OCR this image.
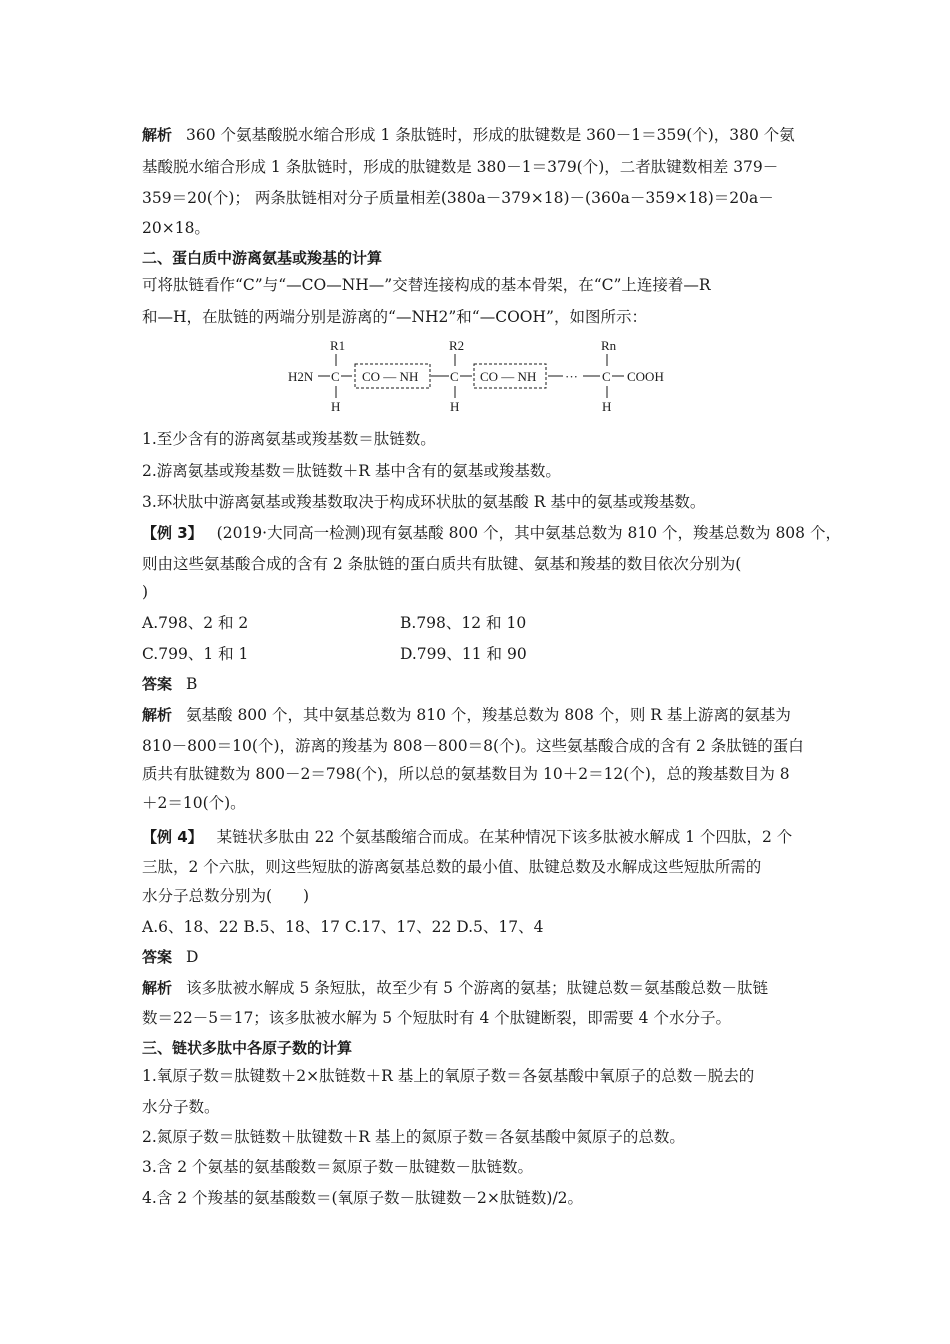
解析 360 个氨基酸脱水缩合形成 1 条肽链时，形成的肽键数是 360－1＝359(个)，380 个氨
基酸脱水缩合形成 1 条肽链时，形成的肽键数是 380－1＝379(个)，二者肽键数相差 379－
359＝20(个)； 两条肽链相对分子质量相差(380a－379×18)－(360a－359×18)＝20a－
20×18。
二、蛋白质中游离氨基或羧基的计算
可将肽链看作“C”与“—CO—NH—”交替连接构成的基本骨架，在“C”上连接着—R
和—H，在肽链的两端分别是游离的“—NH2”和“—COOH”，如图所示：
R1	R2	Rn
H2N C CO — NH C CO — NH ··· C COOH
H	H	H
1.至少含有的游离氨基或羧基数＝肽链数。
2.游离氨基或羧基数＝肽链数＋R 基中含有的氨基或羧基数。
3.环状肽中游离氨基或羧基数取决于构成环状肽的氨基酸 R 基中的氨基或羧基数。
【例 3】 (2019·大同高一检测)现有氨基酸 800 个，其中氨基总数为 810 个，羧基总数为 808 个，
则由这些氨基酸合成的含有 2 条肽链的蛋白质共有肽键、氨基和羧基的数目依次分别为(
)
A.798、2 和 2	B.798、12 和 10
C.799、1 和 1	D.799、11 和 90
答案 B
解析 氨基酸 800 个，其中氨基总数为 810 个，羧基总数为 808 个，则 R 基上游离的氨基为
810－800＝10(个)，游离的羧基为 808－800＝8(个)。这些氨基酸合成的含有 2 条肽链的蛋白
质共有肽键数为 800－2＝798(个)，所以总的氨基数目为 10＋2＝12(个)，总的羧基数目为 8
＋2＝10(个)。
【例 4】 某链状多肽由 22 个氨基酸缩合而成。在某种情况下该多肽被水解成 1 个四肽，2 个
三肽，2 个六肽，则这些短肽的游离氨基总数的最小值、肽键总数及水解成这些短肽所需的
水分子总数分别为(　　)
A.6、18、22 B.5、18、17 C.17、17、22 D.5、17、4
答案 D
解析 该多肽被水解成 5 条短肽，故至少有 5 个游离的氨基；肽键总数＝氨基酸总数－肽链
数＝22－5＝17；该多肽被水解为 5 个短肽时有 4 个肽键断裂，即需要 4 个水分子。
三、链状多肽中各原子数的计算
1.氧原子数＝肽键数＋2×肽链数＋R 基上的氧原子数＝各氨基酸中氧原子的总数－脱去的
水分子数。
2.氮原子数＝肽链数＋肽键数＋R 基上的氮原子数＝各氨基酸中氮原子的总数。
3.含 2 个氨基的氨基酸数＝氮原子数－肽键数－肽链数。
4.含 2 个羧基的氨基酸数＝(氧原子数－肽键数－2×肽链数)/2。
